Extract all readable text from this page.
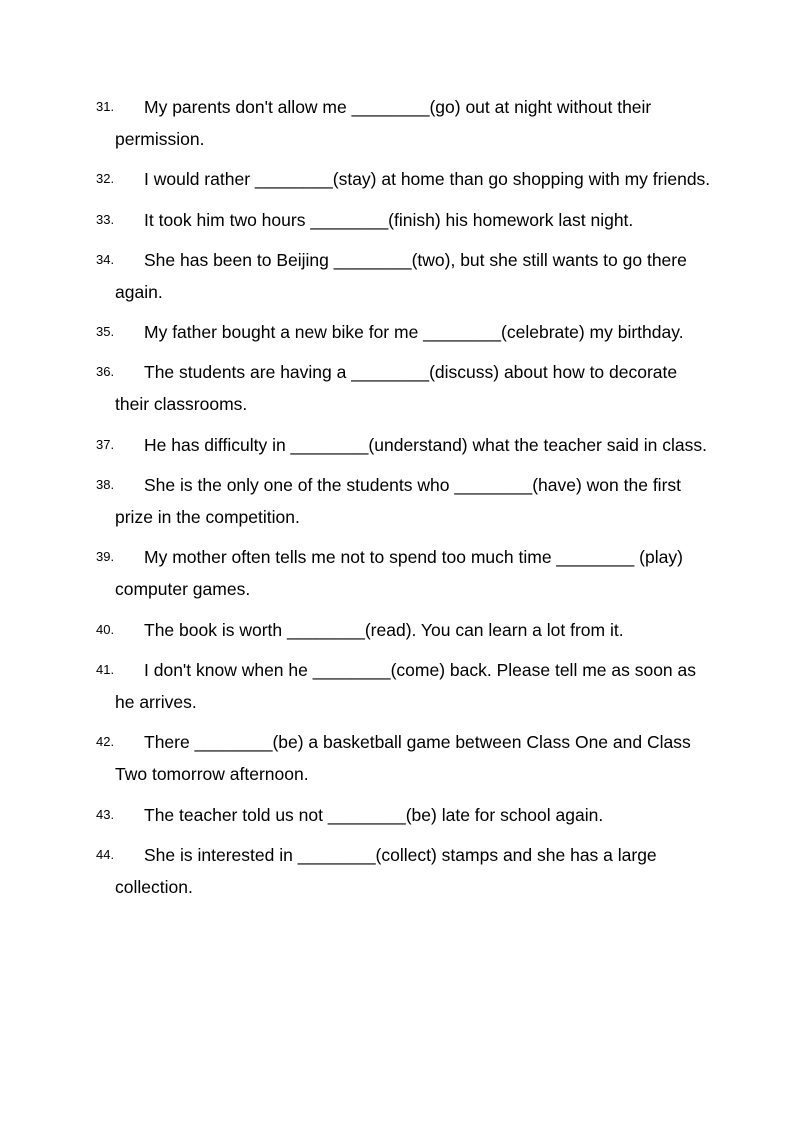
31. My parents don't allow me ________(go) out at night without their permission.
32. I would rather ________(stay) at home than go shopping with my friends.
33. It took him two hours ________(finish) his homework last night.
34. She has been to Beijing ________(two), but she still wants to go there again.
35. My father bought a new bike for me ________(celebrate) my birthday.
36. The students are having a ________(discuss) about how to decorate their classrooms.
37. He has difficulty in ________(understand) what the teacher said in class.
38. She is the only one of the students who ________(have) won the first prize in the competition.
39. My mother often tells me not to spend too much time ________ (play) computer games.
40. The book is worth ________(read). You can learn a lot from it.
41. I don't know when he ________(come) back. Please tell me as soon as he arrives.
42. There ________(be) a basketball game between Class One and Class Two tomorrow afternoon.
43. The teacher told us not ________(be) late for school again.
44. She is interested in ________(collect) stamps and she has a large collection.
